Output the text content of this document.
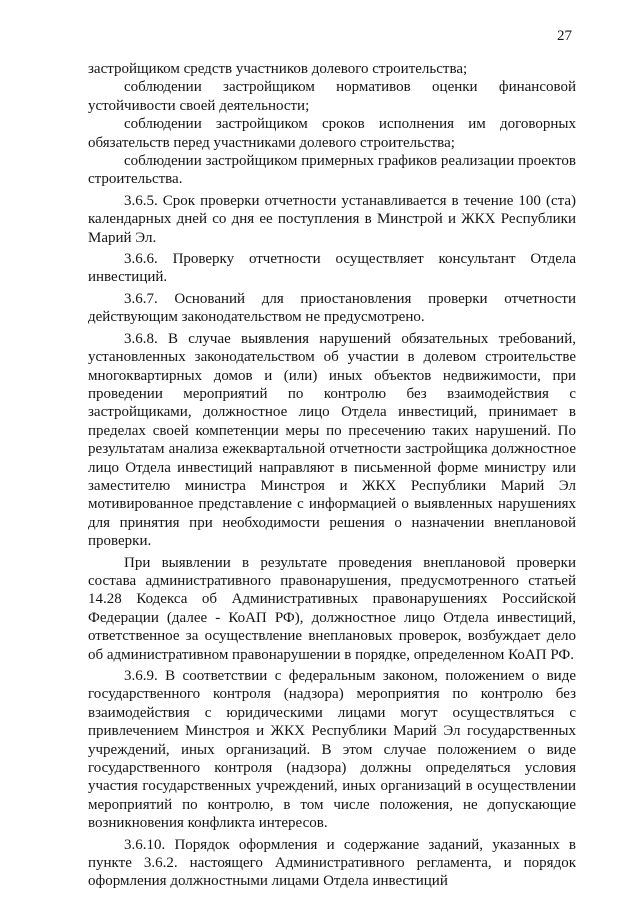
27

застройщиком средств участников долевого строительства;

соблюдении застройщиком нормативов оценки финансовой устойчивости своей деятельности;

соблюдении застройщиком сроков исполнения им договорных обязательств перед участниками долевого строительства;

соблюдении застройщиком примерных графиков реализации проектов строительства.

3.6.5. Срок проверки отчетности устанавливается в течение 100 (ста) календарных дней со дня ее поступления в Минстрой и ЖКХ Республики Марий Эл.

3.6.6. Проверку отчетности осуществляет консультант Отдела инвестиций.

3.6.7. Оснований для приостановления проверки отчетности действующим законодательством не предусмотрено.

3.6.8. В случае выявления нарушений обязательных требований, установленных законодательством об участии в долевом строительстве многоквартирных домов и (или) иных объектов недвижимости, при проведении мероприятий по контролю без взаимодействия с застройщиками, должностное лицо Отдела инвестиций, принимает в пределах своей компетенции меры по пресечению таких нарушений. По результатам анализа ежеквартальной отчетности застройщика должностное лицо Отдела инвестиций направляют в письменной форме министру или заместителю министра Минстроя и ЖКХ Республики Марий Эл мотивированное представление с информацией о выявленных нарушениях для принятия при необходимости решения о назначении внеплановой проверки.

При выявлении в результате проведения внеплановой проверки состава административного правонарушения, предусмотренного статьей 14.28 Кодекса об Административных правонарушениях Российской Федерации (далее - КоАП РФ), должностное лицо Отдела инвестиций, ответственное за осуществление внеплановых проверок, возбуждает дело об административном правонарушении в порядке, определенном КоАП РФ.

3.6.9. В соответствии с федеральным законом, положением о виде государственного контроля (надзора) мероприятия по контролю без взаимодействия с юридическими лицами могут осуществляться с привлечением Минстроя и ЖКХ Республики Марий Эл государственных учреждений, иных организаций. В этом случае положением о виде государственного контроля (надзора) должны определяться условия участия государственных учреждений, иных организаций в осуществлении мероприятий по контролю, в том числе положения, не допускающие возникновения конфликта интересов.

3.6.10. Порядок оформления и содержание заданий, указанных в пункте 3.6.2. настоящего Административного регламента, и порядок оформления должностными лицами Отдела инвестиций
